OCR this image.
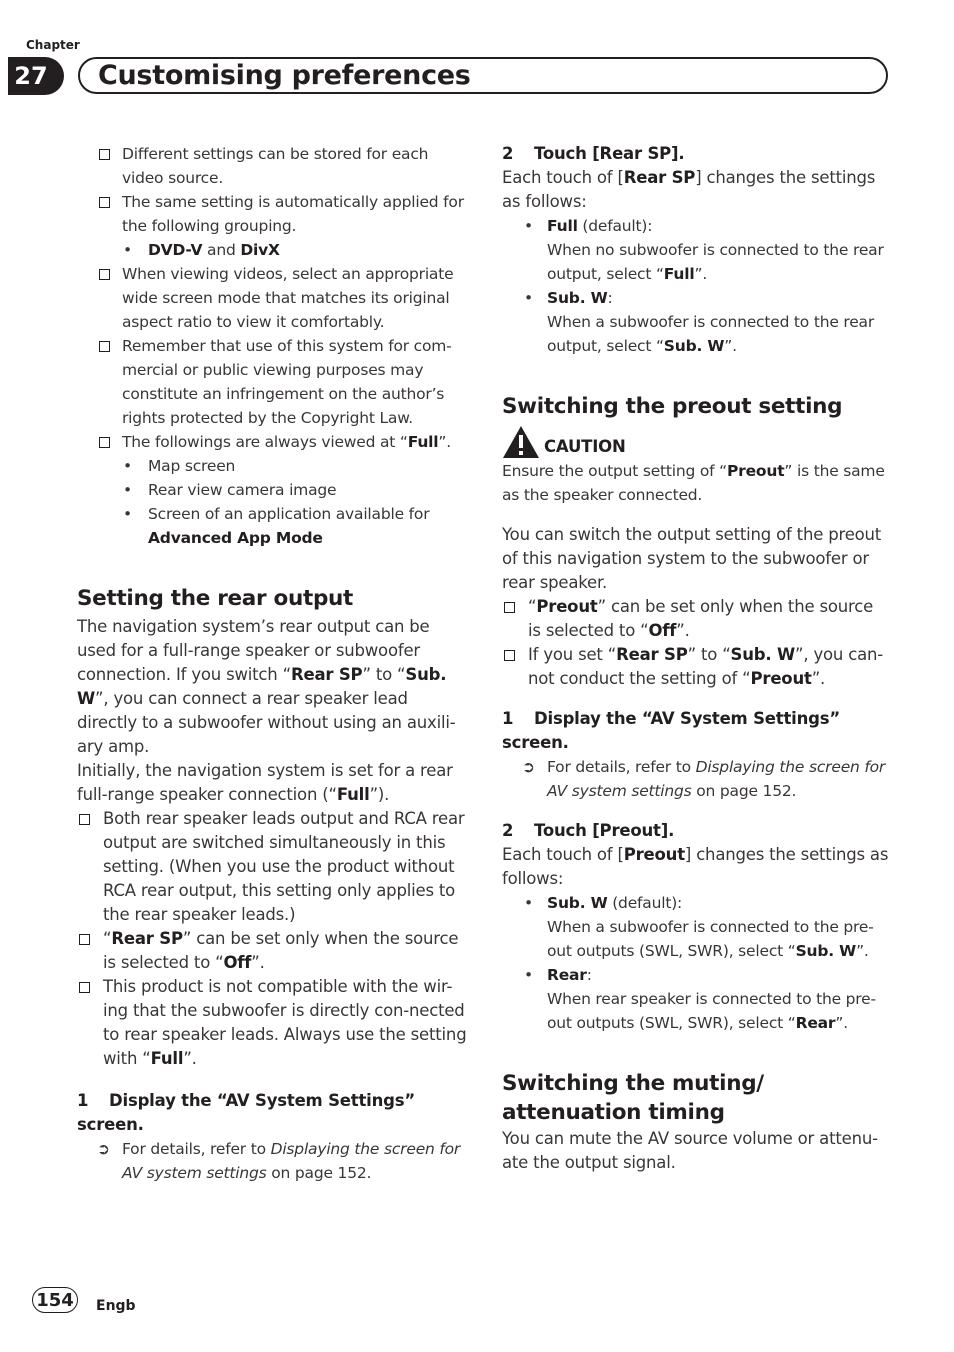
Chapter
27	Customising preferences
Different settings can be stored for each video source.
The same setting is automatically applied for the following grouping.
• DVD-V and DivX
When viewing videos, select an appropriate wide screen mode that matches its original aspect ratio to view it comfortably.
Remember that use of this system for com-mercial or public viewing purposes may constitute an infringement on the author’s rights protected by the Copyright Law.
The followings are always viewed at “Full”.
• Map screen
• Rear view camera image
• Screen of an application available for
Advanced App Mode
Setting the rear output
The navigation system’s rear output can be used for a full-range speaker or subwoofer connection. If you switch “Rear SP” to “Sub. W”, you can connect a rear speaker lead directly to a subwoofer without using an auxili-ary amp.
Initially, the navigation system is set for a rear full-range speaker connection (“Full”).
Both rear speaker leads output and RCA rear output are switched simultaneously in this setting. (When you use the product without RCA rear output, this setting only applies to the rear speaker leads.)
“Rear SP” can be set only when the source is selected to “Off”.
This product is not compatible with the wir-ing that the subwoofer is directly con-nected to rear speaker leads. Always use the setting with “Full”.
1 Display the “AV System Settings” screen.
➲ For details, refer to Displaying the screen for AV system settings on page 152.
2 Touch [Rear SP].
Each touch of [Rear SP] changes the settings as follows:
• Full (default):
When no subwoofer is connected to the rear output, select “Full”.
• Sub. W:
When a subwoofer is connected to the rear output, select “Sub. W”.
Switching the preout setting
CAUTION
Ensure the output setting of “Preout” is the same as the speaker connected.
You can switch the output setting of the preout of this navigation system to the subwoofer or rear speaker.
“Preout” can be set only when the source is selected to “Off”.
If you set “Rear SP” to “Sub. W”, you can-not conduct the setting of “Preout”.
1 Display the “AV System Settings” screen.
➲ For details, refer to Displaying the screen for AV system settings on page 152.
2 Touch [Preout].
Each touch of [Preout] changes the settings as follows:
• Sub. W (default):
When a subwoofer is connected to the pre-out outputs (SWL, SWR), select “Sub. W”.
• Rear:
When rear speaker is connected to the pre-out outputs (SWL, SWR), select “Rear”.
Switching the muting/
attenuation timing
You can mute the AV source volume or attenu-ate the output signal.
154	Engb
